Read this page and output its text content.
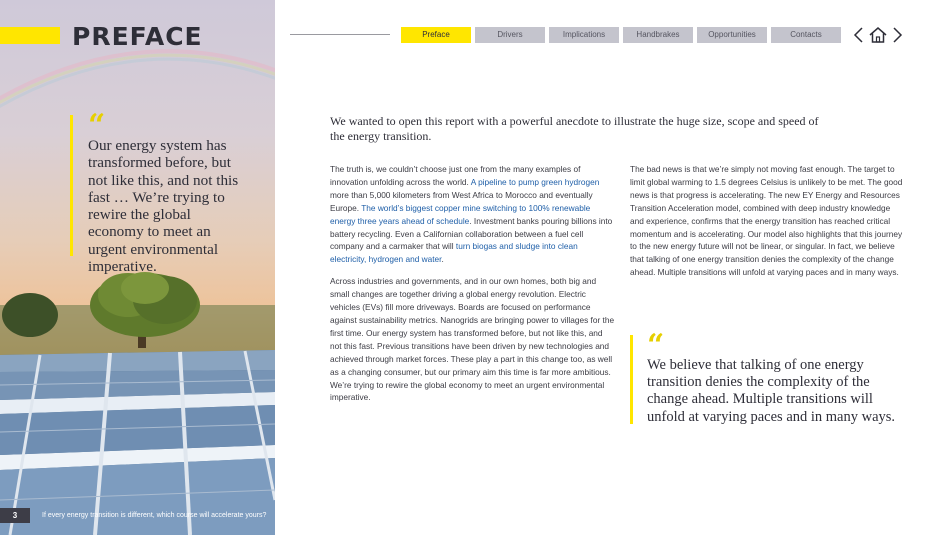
PREFACE
“
Our energy system has transformed before, but not like this, and not this fast … We’re trying to rewire the global economy to meet an urgent environmental imperative.
3	If every energy transition is different, which course will accelerate yours?
Preface	Drivers	Implications	Handbrakes	Opportunities	Contacts

We wanted to open this report with a powerful anecdote to illustrate the huge size, scope and speed of the energy transition.

The truth is, we couldn’t choose just one from the many examples of innovation unfolding across the world. A pipeline to pump green hydrogen more than 5,000 kilometers from West Africa to Morocco and eventually Europe. The world’s biggest copper mine switching to 100% renewable energy three years ahead of schedule. Investment banks pouring billions into battery recycling. Even a Californian collaboration between a fuel cell company and a carmaker that will turn biogas and sludge into clean electricity, hydrogen and water.

Across industries and governments, and in our own homes, both big and small changes are together driving a global energy revolution. Electric vehicles (EVs) fill more driveways. Boards are focused on performance against sustainability metrics. Nanogrids are bringing power to villages for the first time. Our energy system has transformed before, but not like this, and not this fast. Previous transitions have been driven by new technologies and achieved through market forces. These play a part in this change too, as well as a changing consumer, but our primary aim this time is far more ambitious. We’re trying to rewire the global economy to meet an urgent environmental imperative.

The bad news is that we’re simply not moving fast enough. The target to limit global warming to 1.5 degrees Celsius is unlikely to be met. The good news is that progress is accelerating. The new EY Energy and Resources Transition Acceleration model, combined with deep industry knowledge and experience, confirms that the energy transition has reached critical momentum and is accelerating. Our model also highlights that this journey to the new energy future will not be linear, or singular. In fact, we believe that talking of one energy transition denies the complexity of the change ahead. Multiple transitions will unfold at varying paces and in many ways.

“
We believe that talking of one energy transition denies the complexity of the change ahead. Multiple transitions will unfold at varying paces and in many ways.
